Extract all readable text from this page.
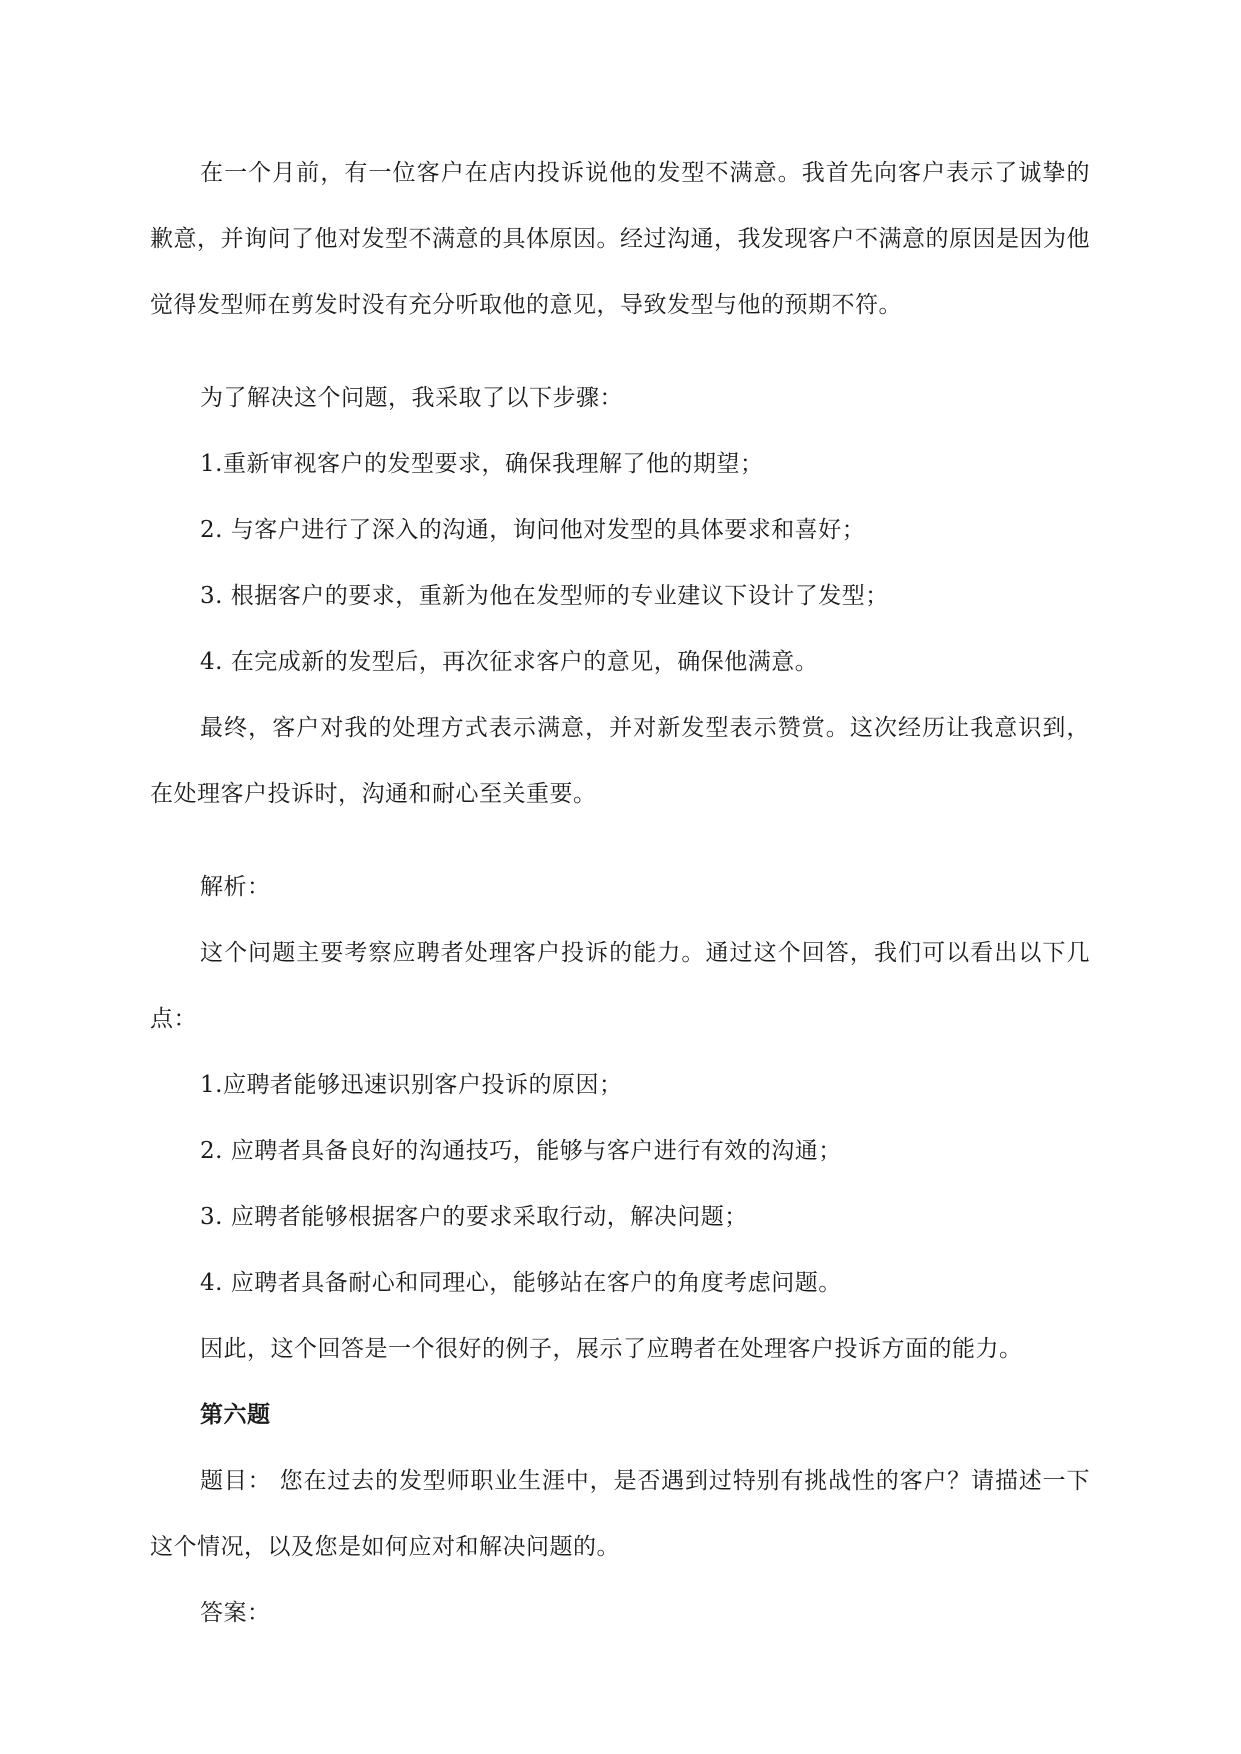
在一个月前，有一位客户在店内投诉说他的发型不满意。我首先向客户表示了诚挚的歉意，并询问了他对发型不满意的具体原因。经过沟通，我发现客户不满意的原因是因为他觉得发型师在剪发时没有充分听取他的意见，导致发型与他的预期不符。

为了解决这个问题，我采取了以下步骤：

1.重新审视客户的发型要求，确保我理解了他的期望；

2. 与客户进行了深入的沟通，询问他对发型的具体要求和喜好；

3. 根据客户的要求，重新为他在发型师的专业建议下设计了发型；

4. 在完成新的发型后，再次征求客户的意见，确保他满意。

最终，客户对我的处理方式表示满意，并对新发型表示赞赏。这次经历让我意识到，在处理客户投诉时，沟通和耐心至关重要。

解析：

这个问题主要考察应聘者处理客户投诉的能力。通过这个回答，我们可以看出以下几点：

1.应聘者能够迅速识别客户投诉的原因；

2. 应聘者具备良好的沟通技巧，能够与客户进行有效的沟通；

3. 应聘者能够根据客户的要求采取行动，解决问题；

4. 应聘者具备耐心和同理心，能够站在客户的角度考虑问题。

因此，这个回答是一个很好的例子，展示了应聘者在处理客户投诉方面的能力。

第六题

题目： 您在过去的发型师职业生涯中，是否遇到过特别有挑战性的客户？请描述一下这个情况，以及您是如何应对和解决问题的。

答案：
